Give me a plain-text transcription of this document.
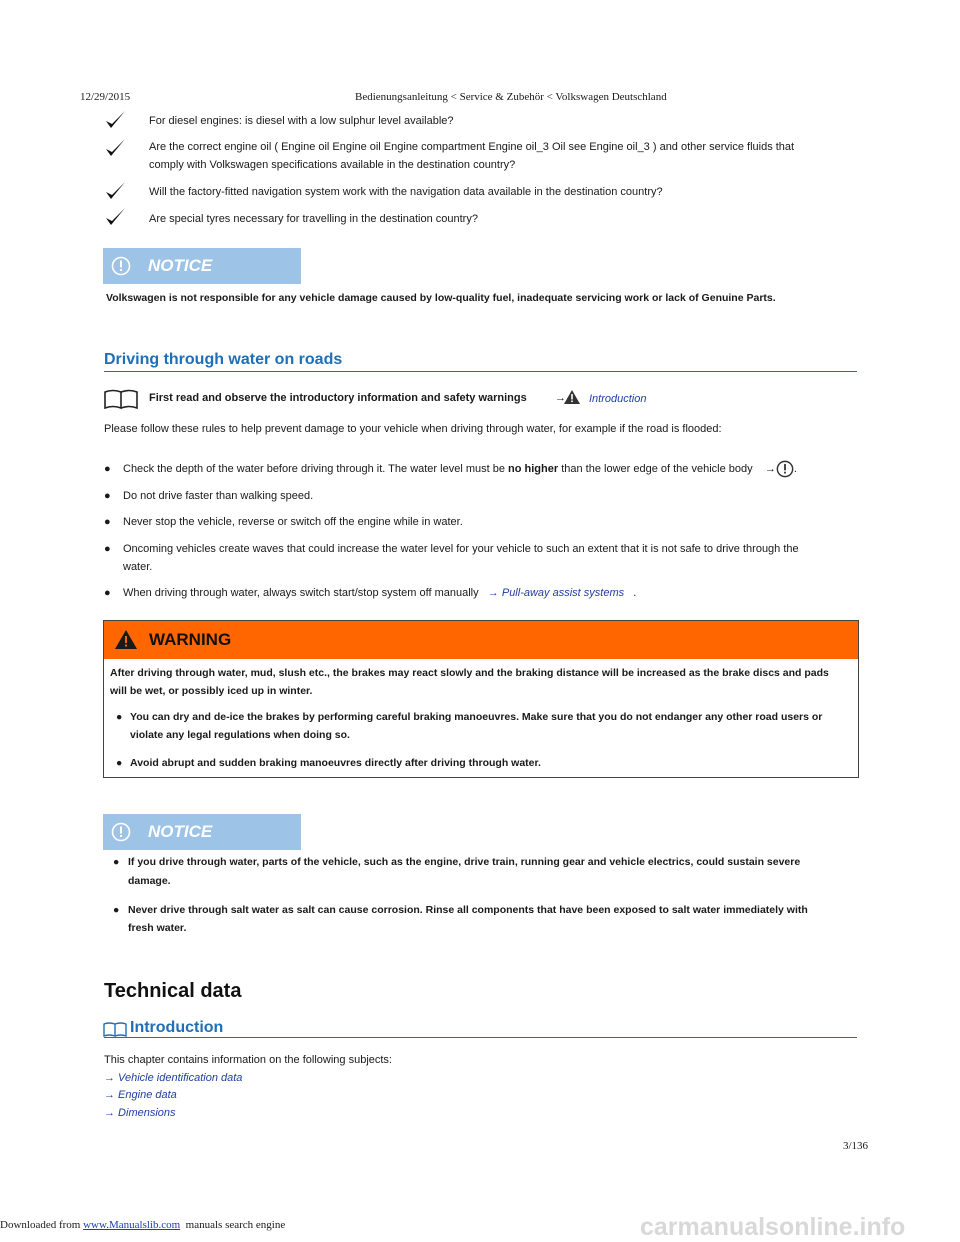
12/29/2015	Bedienungsanleitung < Service & Zubehör < Volkswagen Deutschland
For diesel engines: is diesel with a low sulphur level available?
Are the correct engine oil ( Engine oil Engine oil Engine compartment Engine oil_3 Oil see Engine oil_3 ) and other service fluids that
comply with Volkswagen specifications available in the destination country?
Will the factory-fitted navigation system work with the navigation data available in the destination country?
Are special tyres necessary for travelling in the destination country?
NOTICE
Volkswagen is not responsible for any vehicle damage caused by low-quality fuel, inadequate servicing work or lack of Genuine Parts.
Driving through water on roads
First read and observe the introductory information and safety warnings	→ Introduction
Please follow these rules to help prevent damage to your vehicle when driving through water, for example if the road is flooded:
● Check the depth of the water before driving through it. The water level must be no higher than the lower edge of the vehicle body → .
● Do not drive faster than walking speed.
● Never stop the vehicle, reverse or switch off the engine while in water.
● Oncoming vehicles create waves that could increase the water level for your vehicle to such an extent that it is not safe to drive through the
water.
● When driving through water, always switch start/stop system off manually → Pull-away assist systems .
WARNING
After driving through water, mud, slush etc., the brakes may react slowly and the braking distance will be increased as the brake discs and pads
will be wet, or possibly iced up in winter.
● You can dry and de-ice the brakes by performing careful braking manoeuvres. Make sure that you do not endanger any other road users or
violate any legal regulations when doing so.
● Avoid abrupt and sudden braking manoeuvres directly after driving through water.
NOTICE
● If you drive through water, parts of the vehicle, such as the engine, drive train, running gear and vehicle electrics, could sustain severe
damage.
● Never drive through salt water as salt can cause corrosion. Rinse all components that have been exposed to salt water immediately with
fresh water.
Technical data
Introduction
This chapter contains information on the following subjects:
→ Vehicle identification data
→ Engine data
→ Dimensions
3/136
Downloaded from www.Manualslib.com manuals search engine	carmanualsonline.info
